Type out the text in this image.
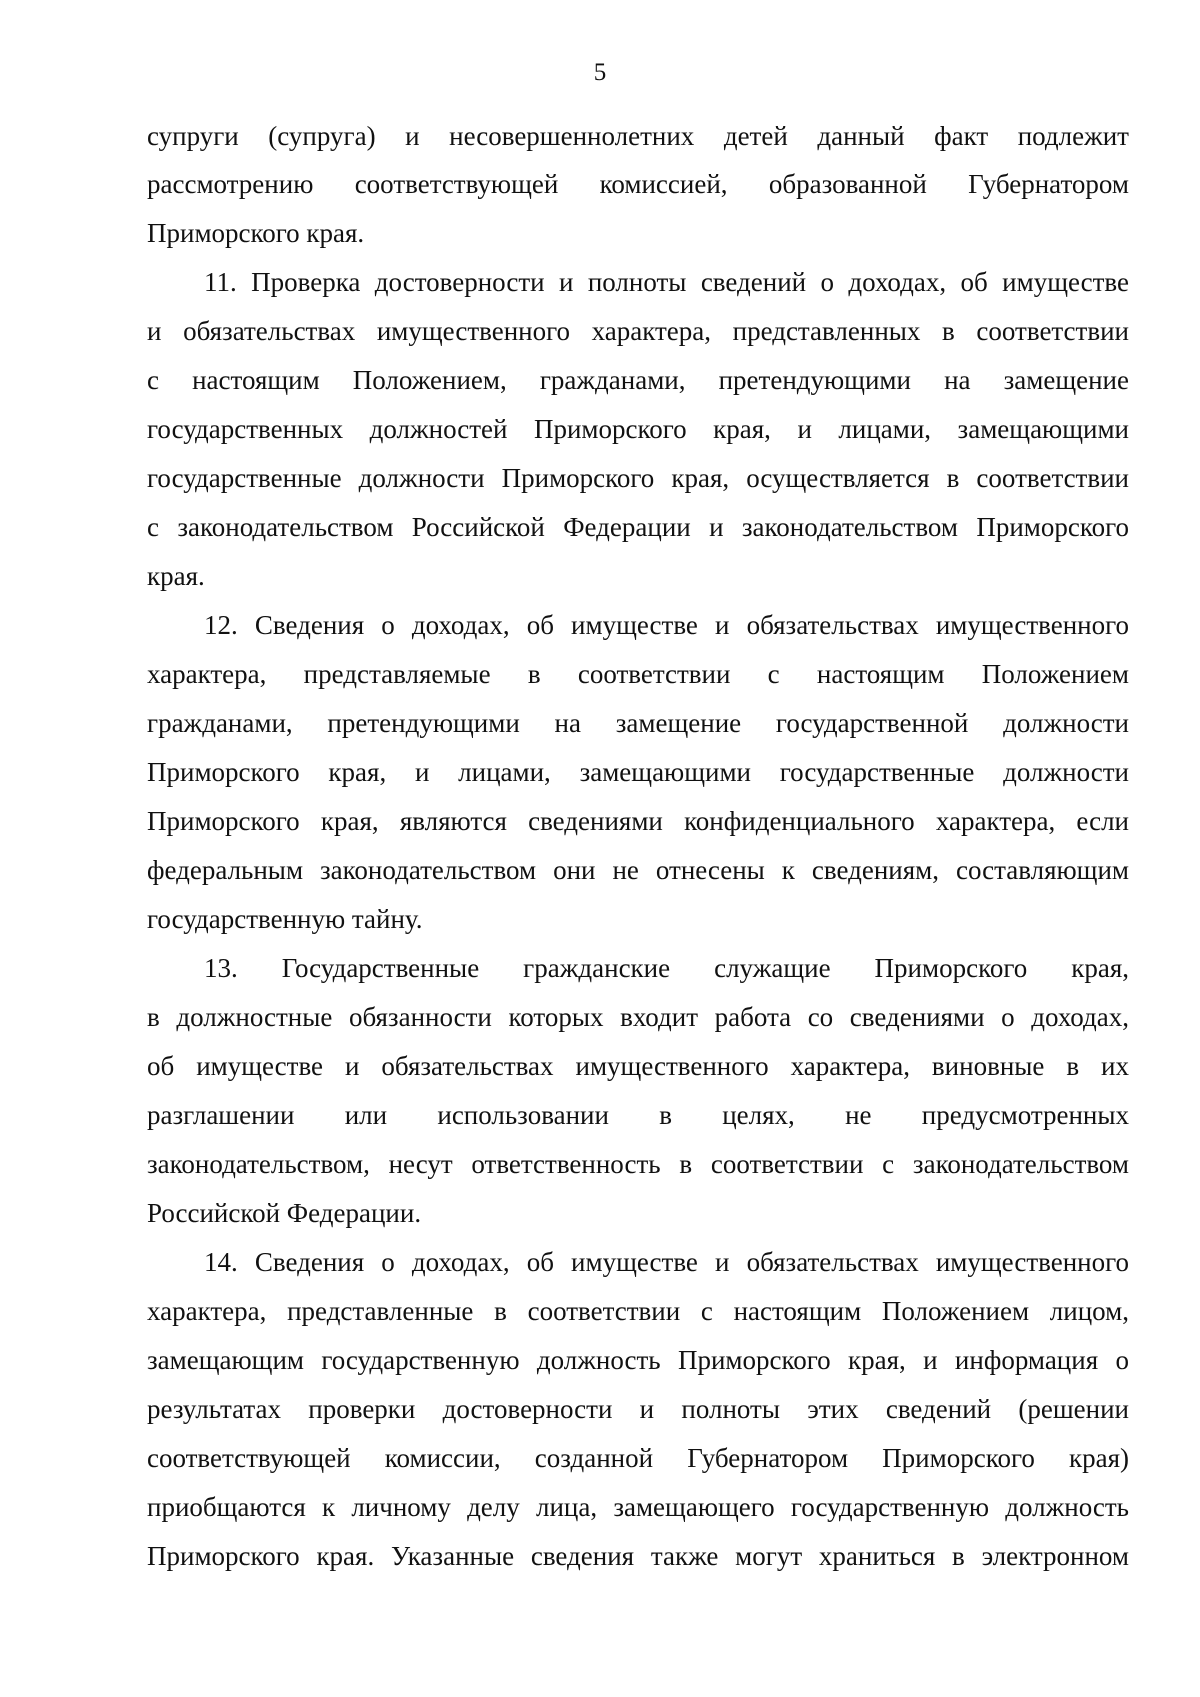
5
супруги (супруга) и несовершеннолетних детей данный факт подлежит
рассмотрению соответствующей комиссией, образованной Губернатором
Приморского края.
11. Проверка достоверности и полноты сведений о доходах, об имуществе
и обязательствах имущественного характера, представленных в соответствии
с настоящим Положением, гражданами, претендующими на замещение
государственных должностей Приморского края, и лицами, замещающими
государственные должности Приморского края, осуществляется в соответствии
с законодательством Российской Федерации и законодательством Приморского
края.
12. Сведения о доходах, об имуществе и обязательствах имущественного
характера, представляемые в соответствии с настоящим Положением
гражданами, претендующими на замещение государственной должности
Приморского края, и лицами, замещающими государственные должности
Приморского края, являются сведениями конфиденциального характера, если
федеральным законодательством они не отнесены к сведениям, составляющим
государственную тайну.
13. Государственные гражданские служащие Приморского края,
в должностные обязанности которых входит работа со сведениями о доходах,
об имуществе и обязательствах имущественного характера, виновные в их
разглашении или использовании в целях, не предусмотренных
законодательством, несут ответственность в соответствии с законодательством
Российской Федерации.
14. Сведения о доходах, об имуществе и обязательствах имущественного
характера, представленные в соответствии с настоящим Положением лицом,
замещающим государственную должность Приморского края, и информация о
результатах проверки достоверности и полноты этих сведений (решении
соответствующей комиссии, созданной Губернатором Приморского края)
приобщаются к личному делу лица, замещающего государственную должность
Приморского края. Указанные сведения также могут храниться в электронном
